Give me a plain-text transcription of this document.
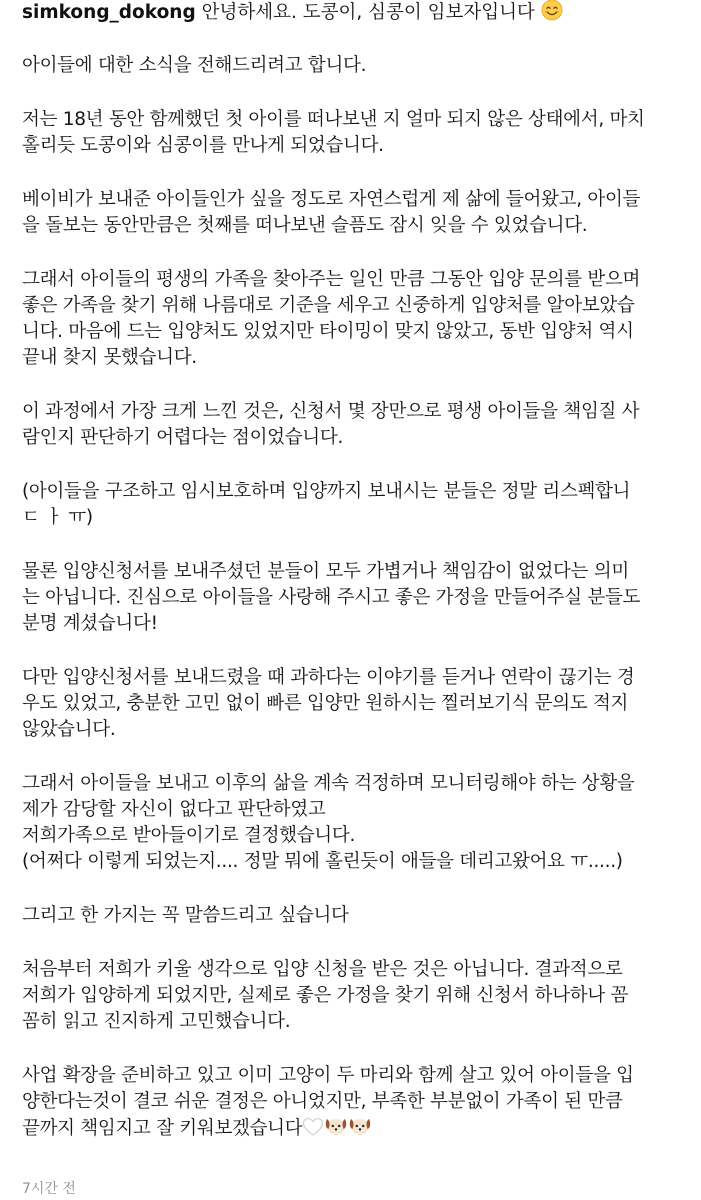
simkong_dokong 안녕하세요. 도콩이, 심콩이 임보자입니다
아이들에 대한 소식을 전해드리려고 합니다.
저는 18년 동안 함께했던 첫 아이를 떠나보낸 지 얼마 되지 않은 상태에서, 마치
홀리듯 도콩이와 심콩이를 만나게 되었습니다.
베이비가 보내준 아이들인가 싶을 정도로 자연스럽게 제 삶에 들어왔고, 아이들
을 돌보는 동안만큼은 첫째를 떠나보낸 슬픔도 잠시 잊을 수 있었습니다.
그래서 아이들의 평생의 가족을 찾아주는 일인 만큼 그동안 입양 문의를 받으며
좋은 가족을 찾기 위해 나름대로 기준을 세우고 신중하게 입양처를 알아보았습
니다. 마음에 드는 입양처도 있었지만 타이밍이 맞지 않았고, 동반 입양처 역시
끝내 찾지 못했습니다.
이 과정에서 가장 크게 느낀 것은, 신청서 몇 장만으로 평생 아이들을 책임질 사
람인지 판단하기 어렵다는 점이었습니다.
(아이들을 구조하고 임시보호하며 입양까지 보내시는 분들은 정말 리스펙합니
ㄷ ㅏ ㅠ)
물론 입양신청서를 보내주셨던 분들이 모두 가볍거나 책임감이 없었다는 의미
는 아닙니다. 진심으로 아이들을 사랑해 주시고 좋은 가정을 만들어주실 분들도
분명 계셨습니다!
다만 입양신청서를 보내드렸을 때 과하다는 이야기를 듣거나 연락이 끊기는 경
우도 있었고, 충분한 고민 없이 빠른 입양만 원하시는 찔러보기식 문의도 적지
않았습니다.
그래서 아이들을 보내고 이후의 삶을 계속 걱정하며 모니터링해야 하는 상황을
제가 감당할 자신이 없다고 판단하였고
저희가족으로 받아들이기로 결정했습니다.
(어쩌다 이렇게 되었는지.... 정말 뭐에 홀린듯이 애들을 데리고왔어요 ㅠ.....)
그리고 한 가지는 꼭 말씀드리고 싶습니다
처음부터 저희가 키울 생각으로 입양 신청을 받은 것은 아닙니다. 결과적으로
저희가 입양하게 되었지만, 실제로 좋은 가정을 찾기 위해 신청서 하나하나 꼼
꼼히 읽고 진지하게 고민했습니다.
사업 확장을 준비하고 있고 이미 고양이 두 마리와 함께 살고 있어 아이들을 입
양한다는것이 결코 쉬운 결정은 아니었지만, 부족한 부분없이 가족이 된 만큼
끝까지 책임지고 잘 키워보겠습니다
7시간 전
